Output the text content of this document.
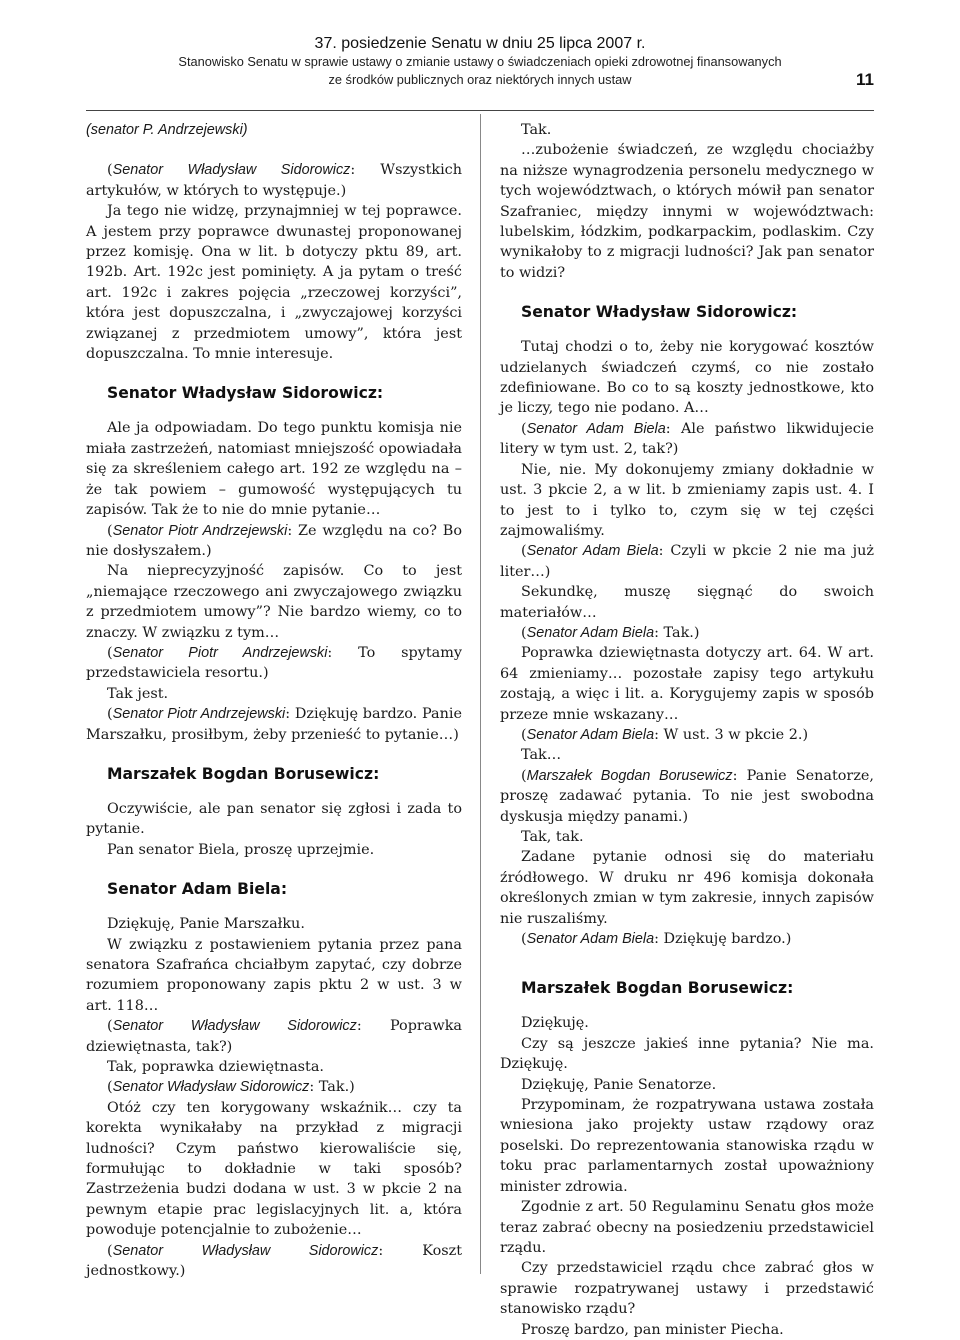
37. posiedzenie Senatu w dniu 25 lipca 2007 r.
Stanowisko Senatu w sprawie ustawy o zmianie ustawy o świadczeniach opieki zdrowotnej finansowanych
ze środków publicznych oraz niektórych innych ustaw	11

(senator P. Andrzejewski)

(Senator Władysław Sidorowicz: Wszystkich artykułów, w których to występuje.)

Ja tego nie widzę, przynajmniej w tej poprawce. A jestem przy poprawce dwunastej proponowanej przez komisję. Ona w lit. b dotyczy pktu 89, art. 192b. Art. 192c jest pominięty. A ja pytam o treść art. 192c i zakres pojęcia „rzeczowej korzyści”, która jest dopuszczalna, i „zwyczajowej korzyści związanej z przedmiotem umowy”, która jest dopuszczalna. To mnie interesuje.

Senator Władysław Sidorowicz:

Ale ja odpowiadam. Do tego punktu komisja nie miała zastrzeżeń, natomiast mniejszość opowiadała się za skreśleniem całego art. 192 ze względu na – że tak powiem – gumowość występujących tu zapisów. Tak że to nie do mnie pytanie…

(Senator Piotr Andrzejewski: Ze względu na co? Bo nie dosłyszałem.)

Na nieprecyzyjność zapisów. Co to jest „niemające rzeczowego ani zwyczajowego związku z przedmiotem umowy”? Nie bardzo wiemy, co to znaczy. W związku z tym…

(Senator Piotr Andrzejewski: To spytamy przedstawiciela resortu.)

Tak jest.

(Senator Piotr Andrzejewski: Dziękuję bardzo. Panie Marszałku, prosiłbym, żeby przenieść to pytanie…)

Marszałek Bogdan Borusewicz:

Oczywiście, ale pan senator się zgłosi i zada to pytanie.

Pan senator Biela, proszę uprzejmie.

Senator Adam Biela:

Dziękuję, Panie Marszałku.

W związku z postawieniem pytania przez pana senatora Szafrańca chciałbym zapytać, czy dobrze rozumiem proponowany zapis pktu 2 w ust. 3 w art. 118…

(Senator Władysław Sidorowicz: Poprawka dziewiętnasta, tak?)

Tak, poprawka dziewiętnasta.

(Senator Władysław Sidorowicz: Tak.)

Otóż czy ten korygowany wskaźnik… czy ta korekta wynikałaby na przykład z migracji ludności? Czym państwo kierowaliście się, formułując to dokładnie w taki sposób? Zastrzeżenia budzi dodana w ust. 3 w pkcie 2 na pewnym etapie prac legislacyjnych lit. a, która powoduje potencjalnie to zubożenie…

(Senator Władysław Sidorowicz: Koszt jednostkowy.)

Tak.

…zubożenie świadczeń, ze względu chociażby na niższe wynagrodzenia personelu medycznego w tych województwach, o których mówił pan senator Szafraniec, między innymi w województwach: lubelskim, łódzkim, podkarpackim, podlaskim. Czy wynikałoby to z migracji ludności? Jak pan senator to widzi?

Senator Władysław Sidorowicz:

Tutaj chodzi o to, żeby nie korygować kosztów udzielanych świadczeń czymś, co nie zostało zdefiniowane. Bo co to są koszty jednostkowe, kto je liczy, tego nie podano. A…

(Senator Adam Biela: Ale państwo likwidujecie litery w tym ust. 2, tak?)

Nie, nie. My dokonujemy zmiany dokładnie w ust. 3 pkcie 2, a w lit. b zmieniamy zapis ust. 4. I to jest to i tylko to, czym się w tej części zajmowaliśmy.

(Senator Adam Biela: Czyli w pkcie 2 nie ma już liter…)

Sekundkę, muszę sięgnąć do swoich materiałów…

(Senator Adam Biela: Tak.)

Poprawka dziewiętnasta dotyczy art. 64. W art. 64 zmieniamy… pozostałe zapisy tego artykułu zostają, a więc i lit. a. Korygujemy zapis w sposób przeze mnie wskazany…

(Senator Adam Biela: W ust. 3 w pkcie 2.)

Tak…

(Marszałek Bogdan Borusewicz: Panie Senatorze, proszę zadawać pytania. To nie jest swobodna dyskusja między panami.)

Tak, tak.

Zadane pytanie odnosi się do materiału źródłowego. W druku nr 496 komisja dokonała określonych zmian w tym zakresie, innych zapisów nie ruszaliśmy.

(Senator Adam Biela: Dziękuję bardzo.)

Marszałek Bogdan Borusewicz:

Dziękuję.

Czy są jeszcze jakieś inne pytania? Nie ma. Dziękuję.

Dziękuję, Panie Senatorze.

Przypominam, że rozpatrywana ustawa została wniesiona jako projekty ustaw rządowy oraz poselski. Do reprezentowania stanowiska rządu w toku prac parlamentarnych został upoważniony minister zdrowia.

Zgodnie z art. 50 Regulaminu Senatu głos może teraz zabrać obecny na posiedzeniu przedstawiciel rządu.

Czy przedstawiciel rządu chce zabrać głos w sprawie rozpatrywanej ustawy i przedstawić stanowisko rządu?

Proszę bardzo, pan minister Piecha.
